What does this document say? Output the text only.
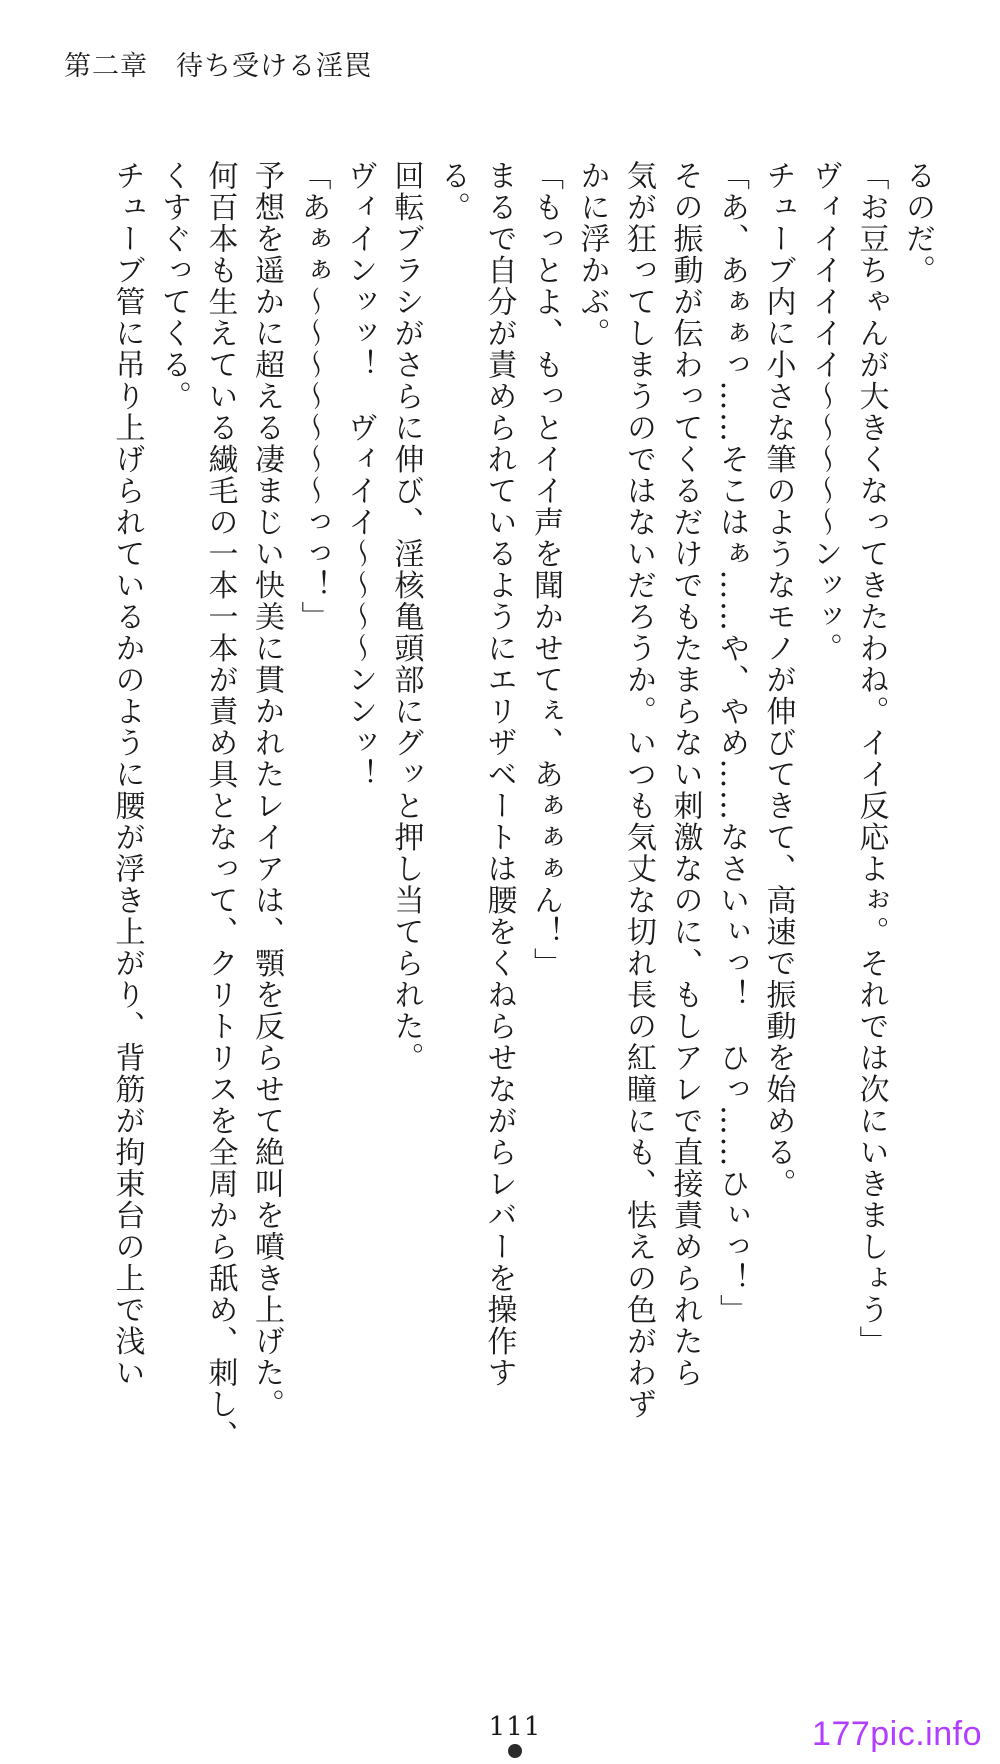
第二章　待ち受ける淫罠

るのだ。

「お豆ちゃんが大きくなってきたわね。イイ反応よぉ。それでは次にいきましょう」

ヴィイイイイイ〜〜〜〜〜ンッッ。

チューブ内に小さな筆のようなモノが伸びてきて、高速で振動を始める。

「あ、あぁぁっ……そこはぁ……や、やめ……なさいぃっ！　ひっ……ひぃっ！」

その振動が伝わってくるだけでもたまらない刺激なのに、もしアレで直接責められたら

気が狂ってしまうのではないだろうか。いつも気丈な切れ長の紅瞳にも、怯えの色がわず

かに浮かぶ。

「もっとよ、もっとイイ声を聞かせてぇ、あぁぁぁん！」

まるで自分が責められているようにエリザベートは腰をくねらせながらレバーを操作す

る。

回転ブラシがさらに伸び、淫核亀頭部にグッと押し当てられた。

ヴィインッッ！　ヴィイイ〜〜〜〜ンンッ！

「あぁぁ〜〜〜〜〜〜〜っっ！」

予想を遥かに超える凄まじい快美に貫かれたレイアは、顎を反らせて絶叫を噴き上げた。

何百本も生えている繊毛の一本一本が責め具となって、クリトリスを全周から舐め、刺し、

くすぐってくる。

チューブ管に吊り上げられているかのように腰が浮き上がり、背筋が拘束台の上で浅い

111	177pic.info
